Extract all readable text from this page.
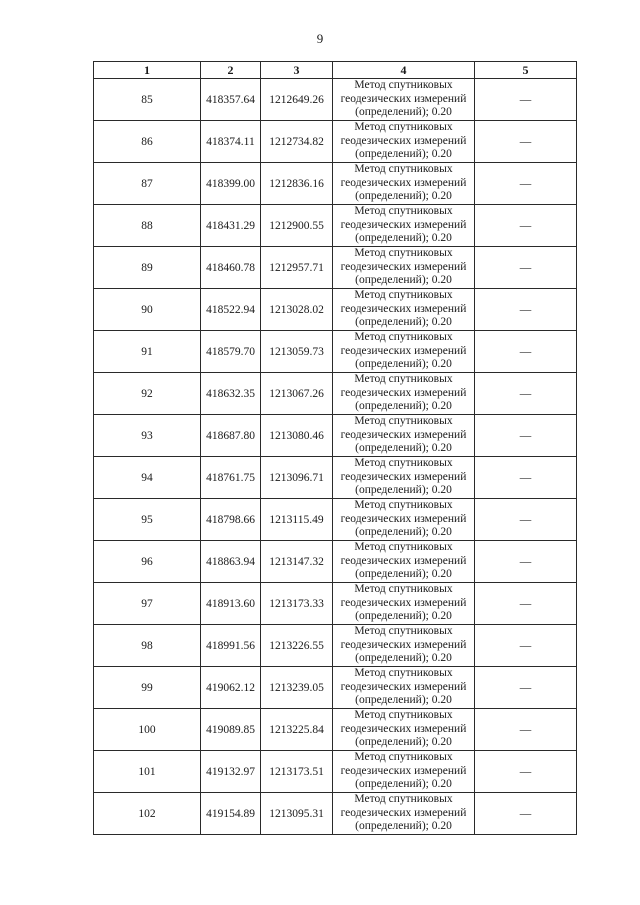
9
1	2	3	4	5
85	418357.64	1212649.26	Метод спутниковых
геодезических измерений
(определений); 0.20	—
86	418374.11	1212734.82	Метод спутниковых
геодезических измерений
(определений); 0.20	—
87	418399.00	1212836.16	Метод спутниковых
геодезических измерений
(определений); 0.20	—
88	418431.29	1212900.55	Метод спутниковых
геодезических измерений
(определений); 0.20	—
89	418460.78	1212957.71	Метод спутниковых
геодезических измерений
(определений); 0.20	—
90	418522.94	1213028.02	Метод спутниковых
геодезических измерений
(определений); 0.20	—
91	418579.70	1213059.73	Метод спутниковых
геодезических измерений
(определений); 0.20	—
92	418632.35	1213067.26	Метод спутниковых
геодезических измерений
(определений); 0.20	—
93	418687.80	1213080.46	Метод спутниковых
геодезических измерений
(определений); 0.20	—
94	418761.75	1213096.71	Метод спутниковых
геодезических измерений
(определений); 0.20	—
95	418798.66	1213115.49	Метод спутниковых
геодезических измерений
(определений); 0.20	—
96	418863.94	1213147.32	Метод спутниковых
геодезических измерений
(определений); 0.20	—
97	418913.60	1213173.33	Метод спутниковых
геодезических измерений
(определений); 0.20	—
98	418991.56	1213226.55	Метод спутниковых
геодезических измерений
(определений); 0.20	—
99	419062.12	1213239.05	Метод спутниковых
геодезических измерений
(определений); 0.20	—
100	419089.85	1213225.84	Метод спутниковых
геодезических измерений
(определений); 0.20	—
101	419132.97	1213173.51	Метод спутниковых
геодезических измерений
(определений); 0.20	—
102	419154.89	1213095.31	Метод спутниковых
геодезических измерений
(определений); 0.20	—
